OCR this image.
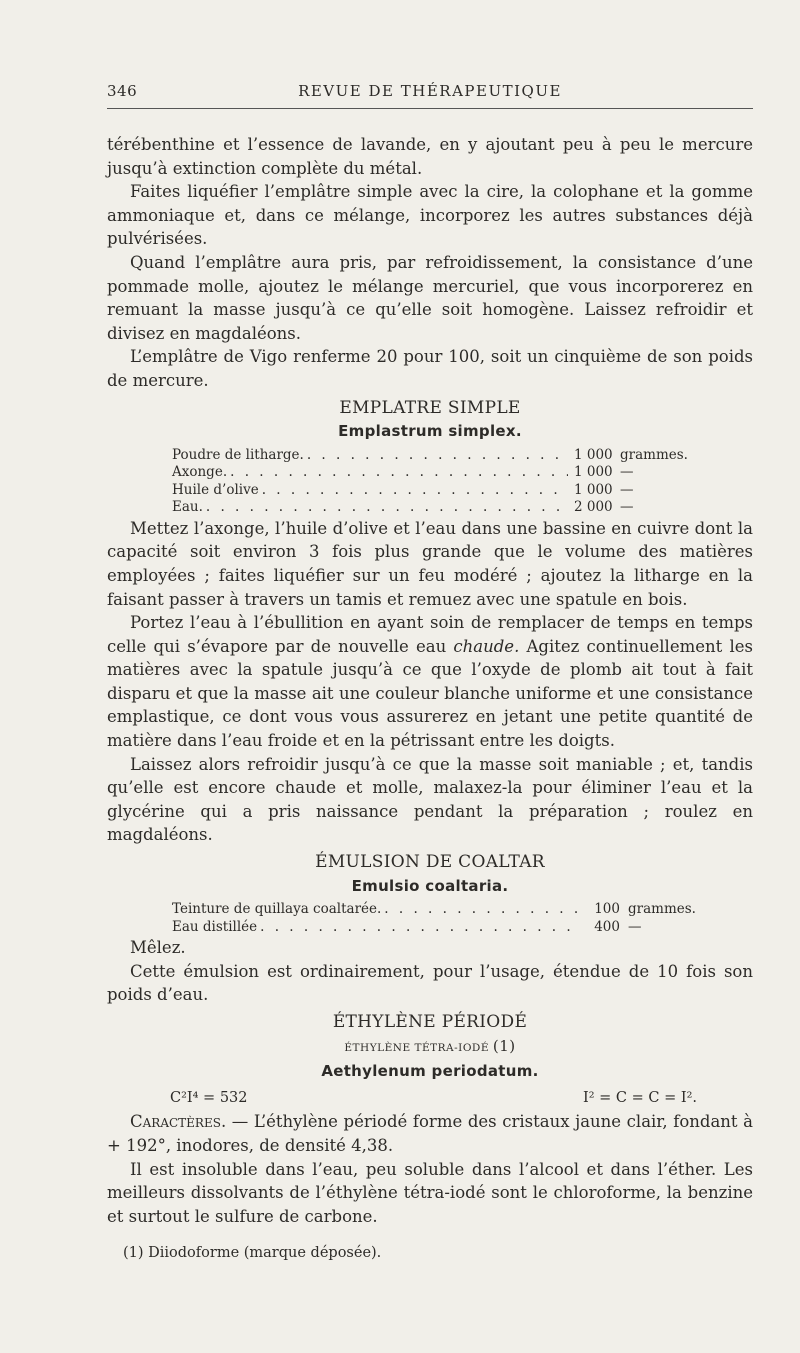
346	REVUE DE THÉRAPEUTIQUE

térébenthine et l’essence de lavande, en y ajoutant peu à peu le mercure jusqu’à extinction complète du métal.

Faites liquéfier l’emplâtre simple avec la cire, la colophane et la gomme ammoniaque et, dans ce mélange, incorporez les autres substances déjà pulvérisées.

Quand l’emplâtre aura pris, par refroidissement, la consistance d’une pommade molle, ajoutez le mélange mercuriel, que vous incorporerez en remuant la masse jusqu’à ce qu’elle soit homogène. Laissez refroidir et divisez en magdaléons.

L’emplâtre de Vigo renferme 20 pour 100, soit un cinquième de son poids de mercure.

EMPLATRE SIMPLE
Emplastrum simplex.
Poudre de litharge. . . .	1 000 grammes.
Axonge. . . .	1 000 —
Huile d’olive . . .	1 000 —
Eau. . . .	2 000 —

Mettez l’axonge, l’huile d’olive et l’eau dans une bassine en cuivre dont la capacité soit environ 3 fois plus grande que le volume des matières employées ; faites liquéfier sur un feu modéré ; ajoutez la litharge en la faisant passer à travers un tamis et remuez avec une spatule en bois.

Portez l’eau à l’ébullition en ayant soin de remplacer de temps en temps celle qui s’évapore par de nouvelle eau chaude. Agitez continuellement les matières avec la spatule jusqu’à ce que l’oxyde de plomb ait tout à fait disparu et que la masse ait une couleur blanche uniforme et une consistance emplastique, ce dont vous vous assurerez en jetant une petite quantité de matière dans l’eau froide et en la pétrissant entre les doigts.

Laissez alors refroidir jusqu’à ce que la masse soit maniable ; et, tandis qu’elle est encore chaude et molle, malaxez-la pour éliminer l’eau et la glycérine qui a pris naissance pendant la préparation ; roulez en magdaléons.

ÉMULSION DE COALTAR
Emulsio coaltaria.
Teinture de quillaya coaltarée. . . .	100 grammes.
Eau distillée . . .	400 —

Mêlez.

Cette émulsion est ordinairement, pour l’usage, étendue de 10 fois son poids d’eau.

ÉTHYLÈNE PÉRIODÉ
ÉTHYLÈNE TÉTRA-IODÉ (1)
Aethylenum periodatum.
C²I⁴ = 532	I² = C = C = I².

Caractères. — L’éthylène périodé forme des cristaux jaune clair, fondant à + 192°, inodores, de densité 4,38.

Il est insoluble dans l’eau, peu soluble dans l’alcool et dans l’éther. Les meilleurs dissolvants de l’éthylène tétra-iodé sont le chloroforme, la benzine et surtout le sulfure de carbone.

(1) Diiodoforme (marque déposée).
